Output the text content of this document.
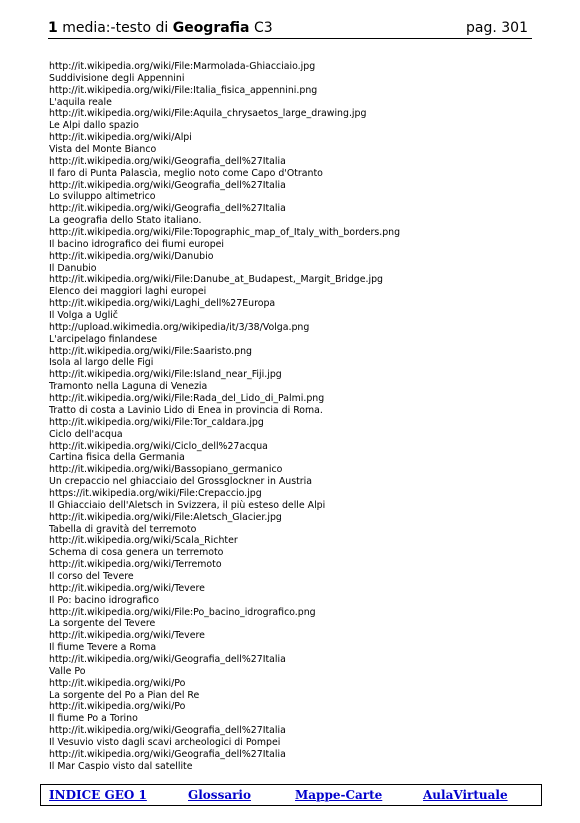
1 media:-testo di Geografia C3	pag. 301
http://it.wikipedia.org/wiki/File:Marmolada-Ghiacciaio.jpg
Suddivisione degli Appennini
http://it.wikipedia.org/wiki/File:Italia_fisica_appennini.png
L'aquila reale
http://it.wikipedia.org/wiki/File:Aquila_chrysaetos_large_drawing.jpg
Le Alpi dallo spazio
http://it.wikipedia.org/wiki/Alpi
Vista del Monte Bianco
http://it.wikipedia.org/wiki/Geografia_dell%27Italia
Il faro di Punta Palascìa, meglio noto come Capo d'Otranto
http://it.wikipedia.org/wiki/Geografia_dell%27Italia
Lo sviluppo altimetrico
http://it.wikipedia.org/wiki/Geografia_dell%27Italia
La geografia dello Stato italiano.
http://it.wikipedia.org/wiki/File:Topographic_map_of_Italy_with_borders.png
Il bacino idrografico dei fiumi europei
http://it.wikipedia.org/wiki/Danubio
Il Danubio
http://it.wikipedia.org/wiki/File:Danube_at_Budapest,_Margit_Bridge.jpg
Elenco dei maggiori laghi europei
http://it.wikipedia.org/wiki/Laghi_dell%27Europa
Il Volga a Uglič
http://upload.wikimedia.org/wikipedia/it/3/38/Volga.png
L'arcipelago finlandese
http://it.wikipedia.org/wiki/File:Saaristo.png
Isola al largo delle Figi
http://it.wikipedia.org/wiki/File:Island_near_Fiji.jpg
Tramonto nella Laguna di Venezia
http://it.wikipedia.org/wiki/File:Rada_del_Lido_di_Palmi.png
Tratto di costa a Lavinio Lido di Enea in provincia di Roma.
http://it.wikipedia.org/wiki/File:Tor_caldara.jpg
Ciclo dell'acqua
http://it.wikipedia.org/wiki/Ciclo_dell%27acqua
Cartina fisica della Germania
http://it.wikipedia.org/wiki/Bassopiano_germanico
Un crepaccio nel ghiacciaio del Grossglockner in Austria
https://it.wikipedia.org/wiki/File:Crepaccio.jpg
Il Ghiacciaio dell'Aletsch in Svizzera, il più esteso delle Alpi
http://it.wikipedia.org/wiki/File:Aletsch_Glacier.jpg
Tabella di gravità del terremoto
http://it.wikipedia.org/wiki/Scala_Richter
Schema di cosa genera un terremoto
http://it.wikipedia.org/wiki/Terremoto
Il corso del Tevere
http://it.wikipedia.org/wiki/Tevere
Il Po: bacino idrografico
http://it.wikipedia.org/wiki/File:Po_bacino_idrografico.png
La sorgente del Tevere
http://it.wikipedia.org/wiki/Tevere
Il fiume Tevere a Roma
http://it.wikipedia.org/wiki/Geografia_dell%27Italia
Valle Po
http://it.wikipedia.org/wiki/Po
La sorgente del Po a Pian del Re
http://it.wikipedia.org/wiki/Po
Il fiume Po a Torino
http://it.wikipedia.org/wiki/Geografia_dell%27Italia
Il Vesuvio visto dagli scavi archeologici di Pompei
http://it.wikipedia.org/wiki/Geografia_dell%27Italia
Il Mar Caspio visto dal satellite
INDICE GEO 1	Glossario	Mappe-Carte	AulaVirtuale
